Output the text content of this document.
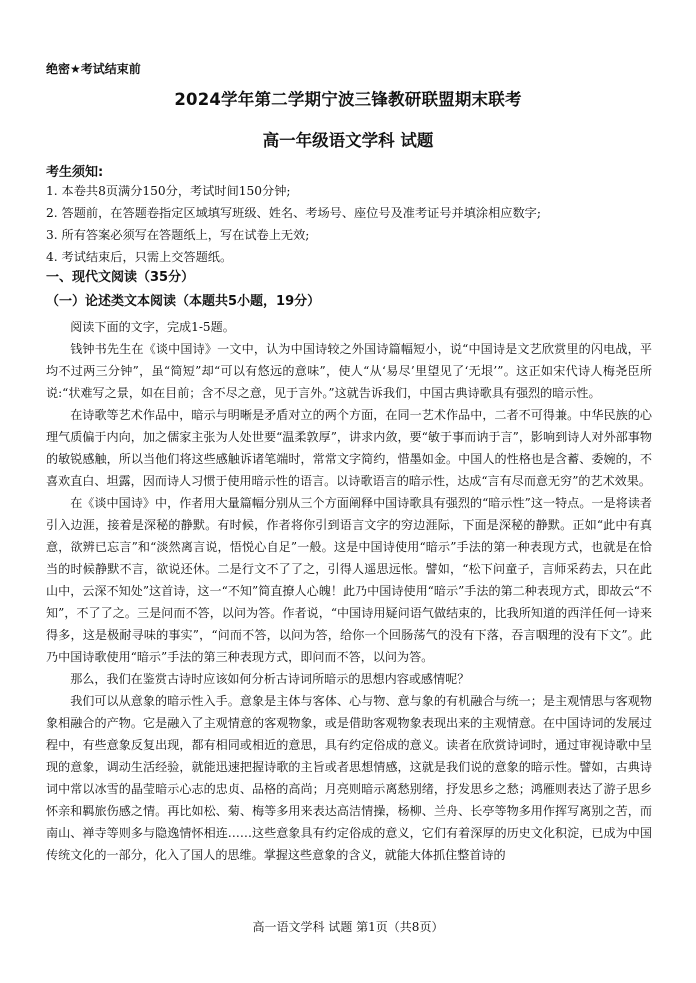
绝密★考试结束前
2024学年第二学期宁波三锋教研联盟期末联考
高一年级语文学科 试题
考生须知:
1. 本卷共8页满分150分，考试时间150分钟;
2. 答题前，在答题卷指定区域填写班级、姓名、考场号、座位号及准考证号并填涂相应数字;
3. 所有答案必须写在答题纸上，写在试卷上无效;
4. 考试结束后，只需上交答题纸。
一、现代文阅读（35分）
（一）论述类文本阅读（本题共5小题，19分）

阅读下面的文字，完成1-5题。

钱钟书先生在《谈中国诗》一文中，认为中国诗较之外国诗篇幅短小，说“中国诗是文艺欣赏里的闪电战，平均不过两三分钟”，虽“简短”却“可以有悠远的意味”，使人“从‘易尽’里望见了‘无垠’”。这正如宋代诗人梅尧臣所说:“状难写之景，如在目前；含不尽之意，见于言外。”这就告诉我们，中国古典诗歌具有强烈的暗示性。

在诗歌等艺术作品中，暗示与明晰是矛盾对立的两个方面，在同一艺术作品中，二者不可得兼。中华民族的心理气质偏于内向，加之儒家主张为人处世要“温柔敦厚”，讲求内敛，要“敏于事而讷于言”，影响到诗人对外部事物的敏锐感触，所以当他们将这些感触诉诸笔端时，常常文字简约，惜墨如金。中国人的性格也是含蓄、委婉的，不喜欢直白、坦露，因而诗人习惯于使用暗示性的语言。以诗歌语言的暗示性，达成“言有尽而意无穷”的艺术效果。

在《谈中国诗》中，作者用大量篇幅分别从三个方面阐释中国诗歌具有强烈的“暗示性”这一特点。一是将读者引入边涯，接着是深秘的静默。有时候，作者将你引到语言文字的穷边涯际，下面是深秘的静默。正如“此中有真意，欲辨已忘言”和“淡然离言说，悟悦心自足”一般。这是中国诗使用“暗示”手法的第一种表现方式，也就是在恰当的时候静默不言，欲说还休。二是行文不了了之，引得人遥思远怅。譬如，“松下问童子，言师采药去，只在此山中，云深不知处”这首诗，这一“不知”简直撩人心魄！此乃中国诗使用“暗示”手法的第二种表现方式，即故云“不知”，不了了之。三是问而不答，以问为答。作者说，“中国诗用疑问语气做结束的，比我所知道的西洋任何一诗来得多，这是极耐寻味的事实”，“问而不答，以问为答，给你一个回肠荡气的没有下落，吞言咽理的没有下文”。此乃中国诗歌使用“暗示”手法的第三种表现方式，即问而不答，以问为答。

那么，我们在鉴赏古诗时应该如何分析古诗词所暗示的思想内容或感情呢？

我们可以从意象的暗示性入手。意象是主体与客体、心与物、意与象的有机融合与统一；是主观情思与客观物象相融合的产物。它是融入了主观情意的客观物象，或是借助客观物象表现出来的主观情意。在中国诗词的发展过程中，有些意象反复出现，都有相同或相近的意思，具有约定俗成的意义。读者在欣赏诗词时，通过审视诗歌中呈现的意象，调动生活经验，就能迅速把握诗歌的主旨或者思想情感，这就是我们说的意象的暗示性。譬如，古典诗词中常以冰雪的晶莹暗示心志的忠贞、品格的高尚；月亮则暗示离愁别绪，抒发思乡之愁；鸿雁则表达了游子思乡怀亲和羁旅伤感之情。再比如松、菊、梅等多用来表达高洁情操，杨柳、兰舟、长亭等物多用作挥写离别之苦，而南山、禅寺等则多与隐逸情怀相连……这些意象具有约定俗成的意义，它们有着深厚的历史文化积淀，已成为中国传统文化的一部分，化入了国人的思维。掌握这些意象的含义，就能大体抓住整首诗的

高一语文学科 试题 第1页（共8页）
